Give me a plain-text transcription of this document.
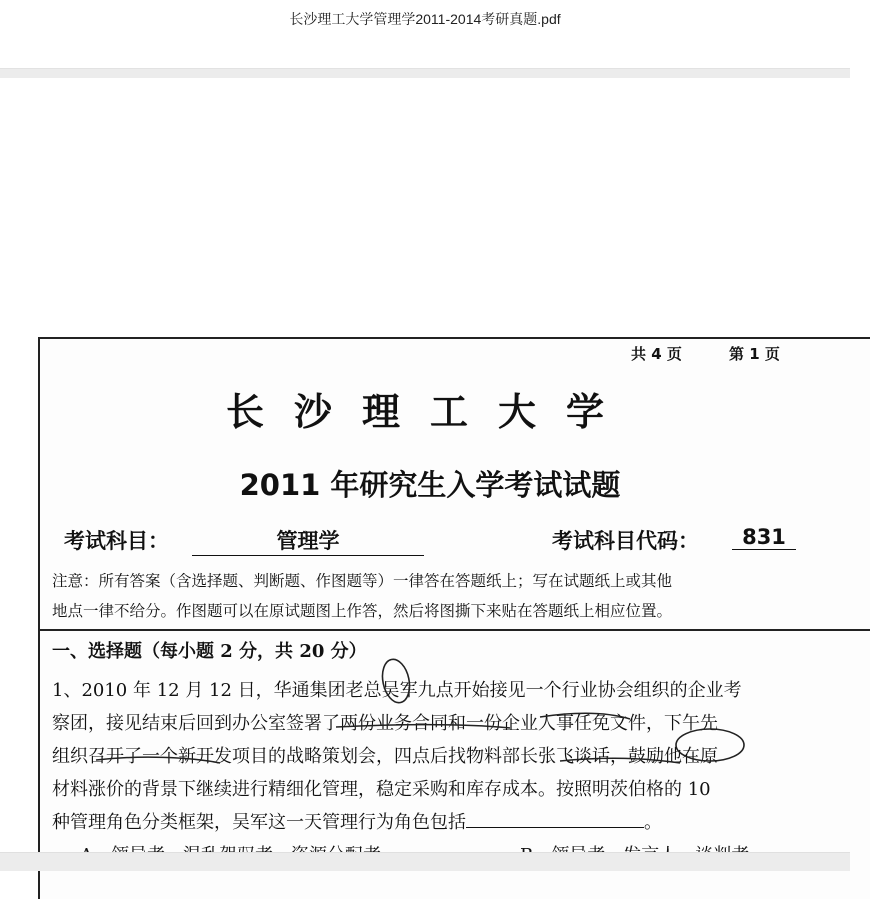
长沙理工大学管理学2011-2014考研真题.pdf
共 4 页	第 1 页
长沙理工大学
2011 年研究生入学考试试题
考试科目：	管理学	考试科目代码：	831
注意：所有答案（含选择题、判断题、作图题等）一律答在答题纸上；写在试题纸上或其他
地点一律不给分。作图题可以在原试题图上作答，然后将图撕下来贴在答题纸上相应位置。
一、选择题（每小题 2 分，共 20 分）
1、2010 年 12 月 12 日，华通集团老总吴军九点开始接见一个行业协会组织的企业考
察团，接见结束后回到办公室签署了两份业务合同和一份企业人事任免文件，下午先
组织召开了一个新开发项目的战略策划会，四点后找物料部长张飞谈话，鼓励他在原
材料涨价的背景下继续进行精细化管理，稳定采购和库存成本。按照明茨伯格的 10
种管理角色分类框架，吴军这一天管理行为角色包括	。
